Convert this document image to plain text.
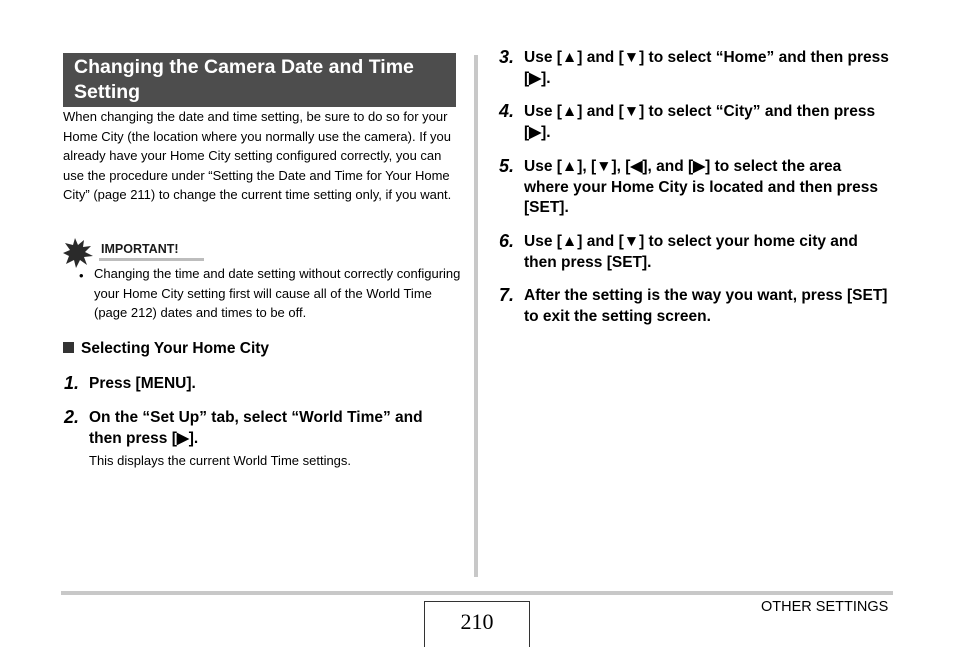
Changing the Camera Date and Time Setting
When changing the date and time setting, be sure to do so for your Home City (the location where you normally use the camera). If you already have your Home City setting configured correctly, you can use the procedure under “Setting the Date and Time for Your Home City” (page 211) to change the current time setting only, if you want.
IMPORTANT!
• Changing the time and date setting without correctly configuring your Home City setting first will cause all of the World Time (page 212) dates and times to be off.
Selecting Your Home City
1. Press [MENU].
2. On the “Set Up” tab, select “World Time” and then press [▶].
This displays the current World Time settings.
3. Use [▲] and [▼] to select “Home” and then press [▶].
4. Use [▲] and [▼] to select “City” and then press [▶].
5. Use [▲], [▼], [◀], and [▶] to select the area where your Home City is located and then press [SET].
6. Use [▲] and [▼] to select your home city and then press [SET].
7. After the setting is the way you want, press [SET] to exit the setting screen.
210
OTHER SETTINGS
